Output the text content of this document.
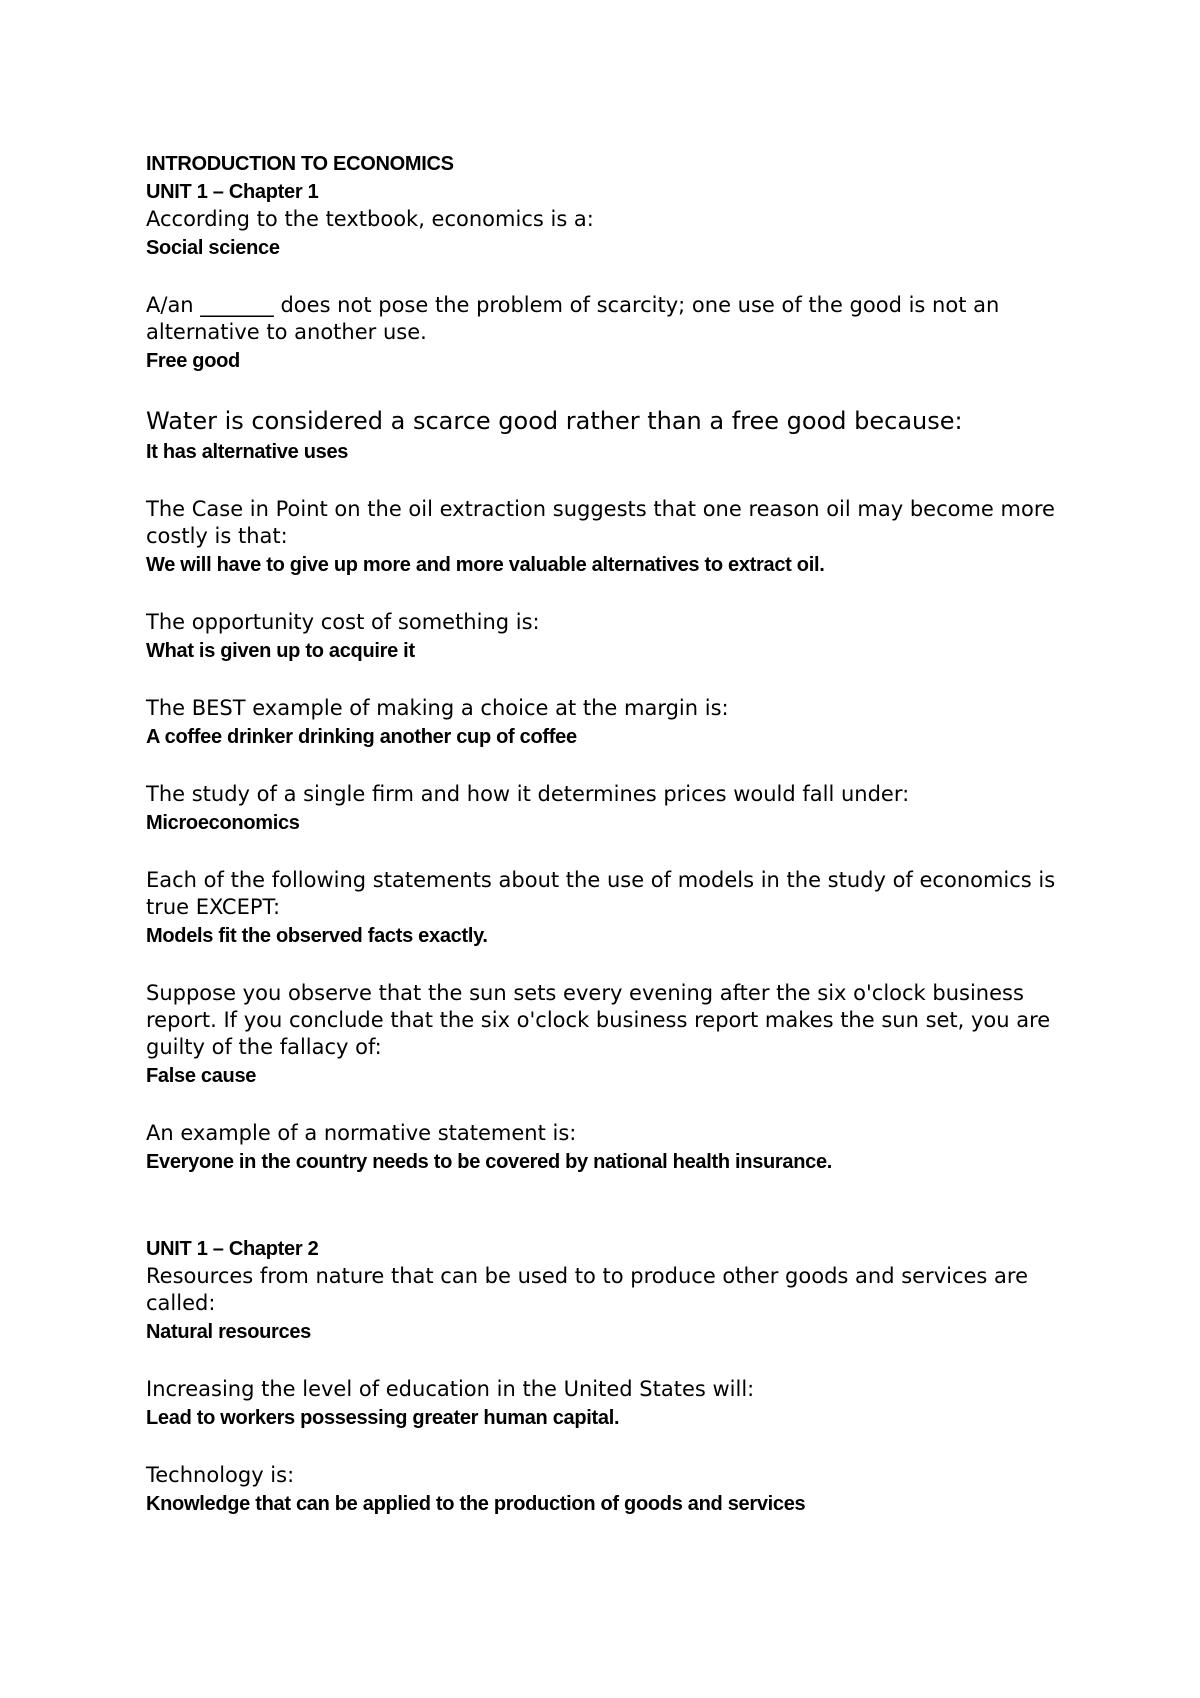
INTRODUCTION TO ECONOMICS

UNIT 1 – Chapter 1

According to the textbook, economics is a:

Social science

A/an _______ does not pose the problem of scarcity; one use of the good is not an alternative to another use.

Free good

Water is considered a scarce good rather than a free good because:

It has alternative uses

The Case in Point on the oil extraction suggests that one reason oil may become more costly is that:

We will have to give up more and more valuable alternatives to extract oil.

The opportunity cost of something is:

What is given up to acquire it

The BEST example of making a choice at the margin is:

A coffee drinker drinking another cup of coffee

The study of a single firm and how it determines prices would fall under:

Microeconomics

Each of the following statements about the use of models in the study of economics is true EXCEPT:

Models fit the observed facts exactly.

Suppose you observe that the sun sets every evening after the six o'clock business report. If you conclude that the six o'clock business report makes the sun set, you are guilty of the fallacy of:

False cause

An example of a normative statement is:

Everyone in the country needs to be covered by national health insurance.

UNIT 1 – Chapter 2

Resources from nature that can be used to to produce other goods and services are called:

Natural resources

Increasing the level of education in the United States will:

Lead to workers possessing greater human capital.

Technology is:

Knowledge that can be applied to the production of goods and services
